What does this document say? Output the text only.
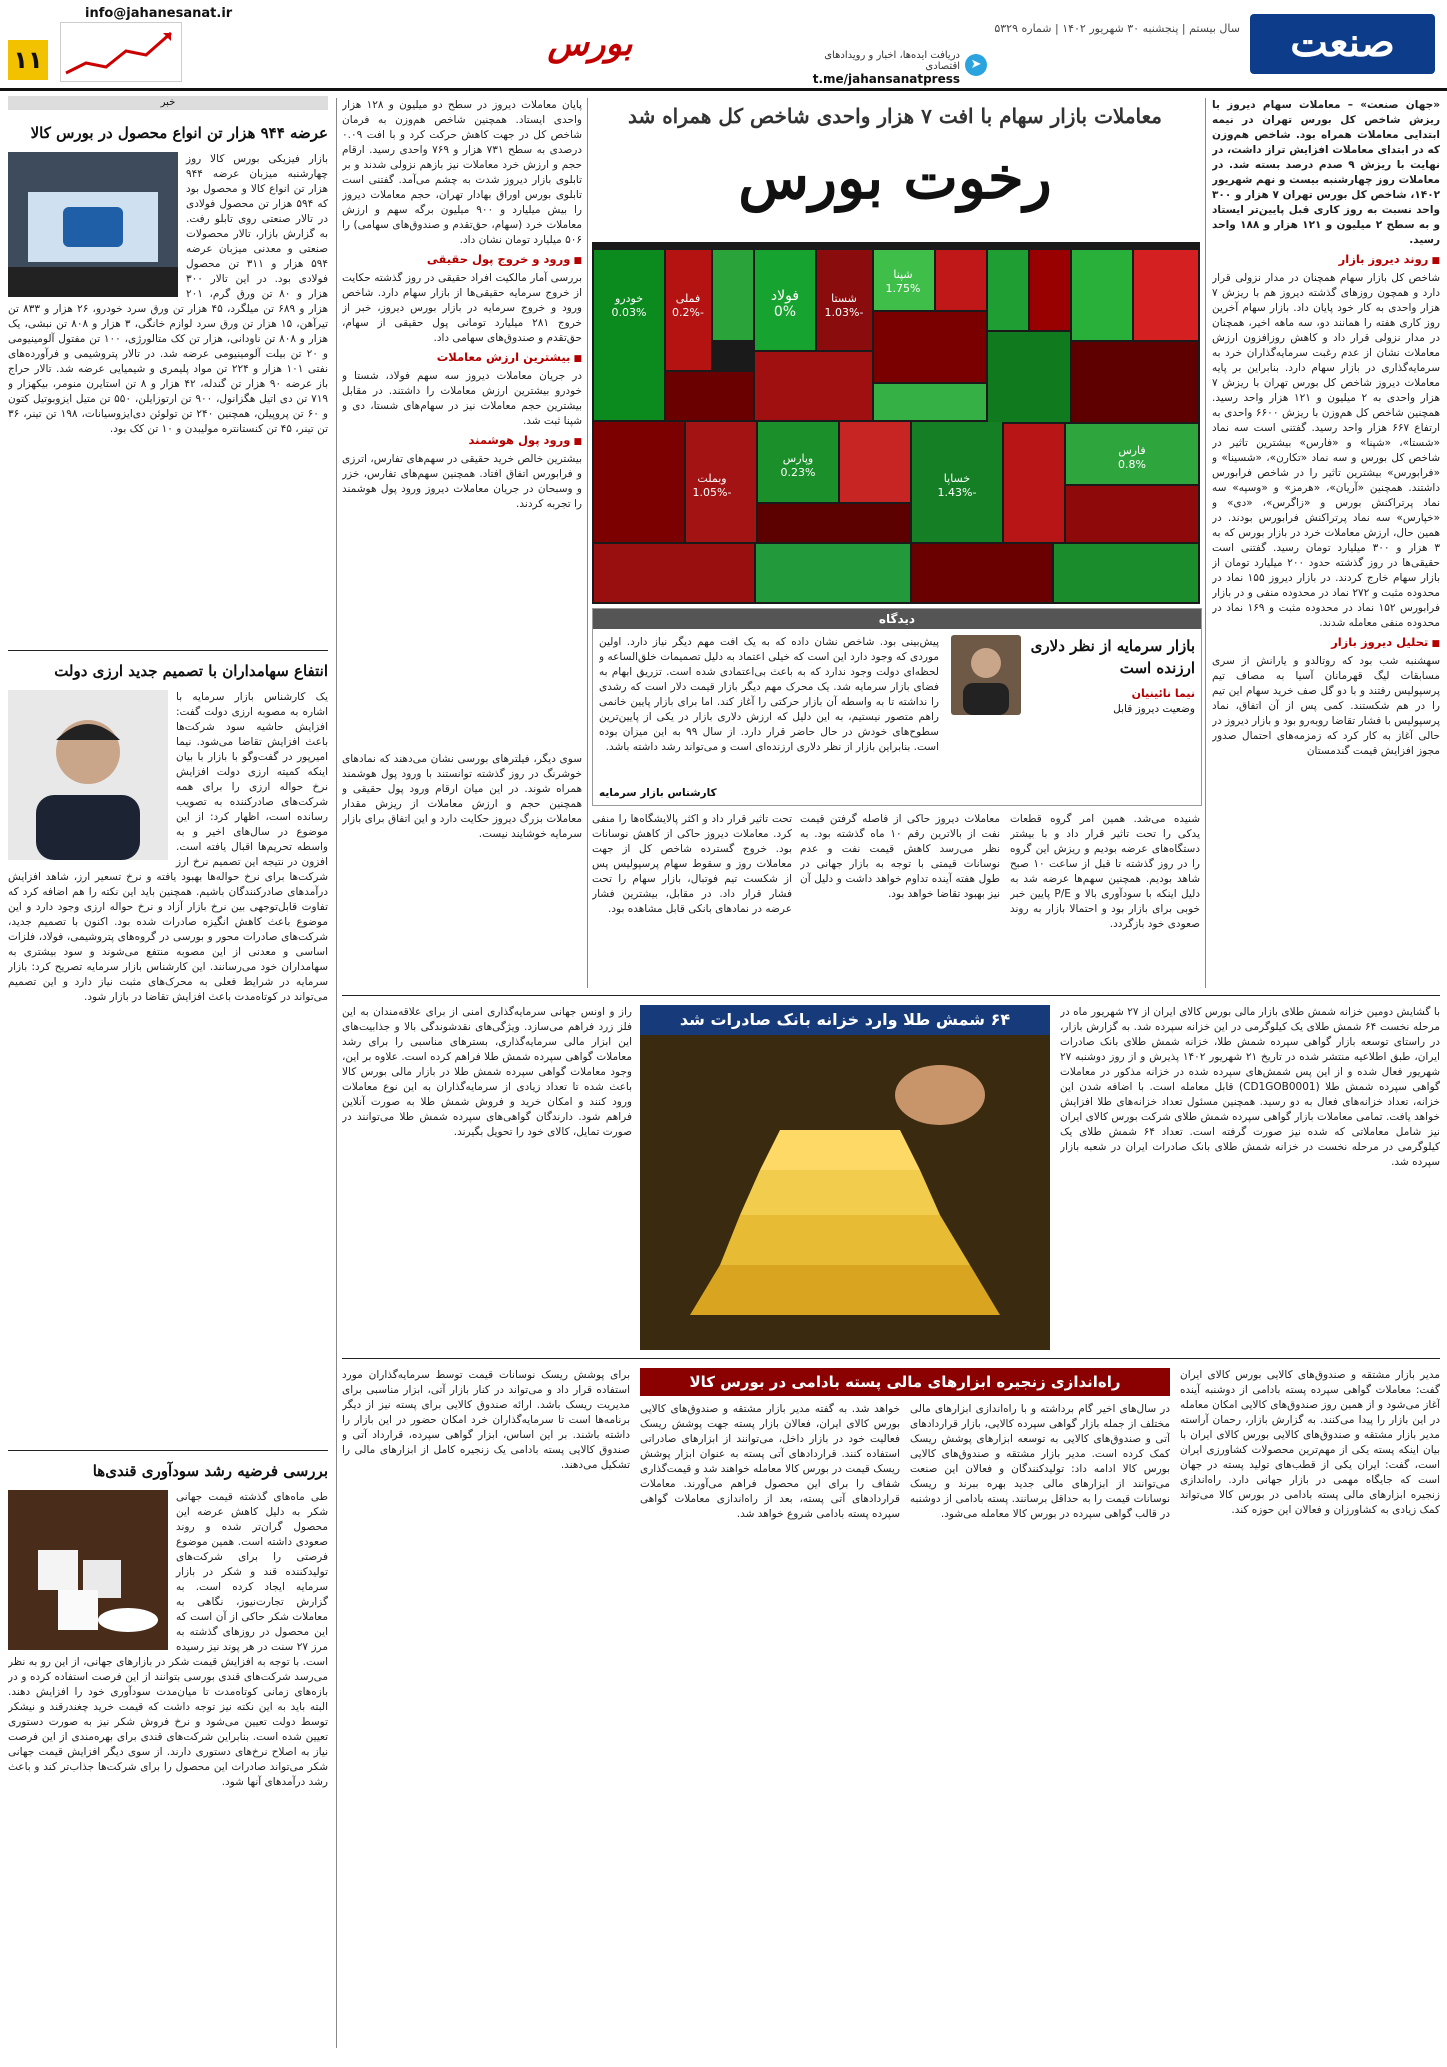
صنعت
سال بیستم | پنجشنبه ۳۰ شهریور ۱۴۰۲ | شماره ۵۳۲۹
بورس
➤
دریافت ایده‌ها، اخبار و رویدادهای اقتصادی
t.me/jahansanatpress
info@jahanesanat.ir
۱۱
«جهان صنعت» – معاملات سهام دیروز با ریزش شاخص کل بورس تهران در نیمه ابتدایی معاملات همراه بود. شاخص هم‌وزن که در ابتدای معاملات افزایش تراز داشت، در نهایت با ریزش ۹ صدم درصد بسته شد. در معاملات روز چهارشنبه بیست و نهم شهریور ۱۴۰۲، شاخص کل بورس تهران ۷ هزار و ۳۰۰ واحد نسبت به روز کاری قبل پایین‌تر ایستاد و به سطح ۲ میلیون و ۱۲۱ هزار و ۱۸۸ واحد رسید.
■ روند دیروز بازار
شاخص کل بازار سهام همچنان در مدار نزولی قرار دارد و همچون روزهای گذشته دیروز هم با ریزش ۷ هزار واحدی به کار خود پایان داد. بازار سهام آخرین روز کاری هفته را همانند دو، سه ماهه اخیر، همچنان در مدار نزولی قرار داد و کاهش روزافزون ارزش معاملات نشان از عدم رغبت سرمایه‌گذاران خرد به سرمایه‌گذاری در بازار سهام دارد. بنابراین بر پایه معاملات دیروز شاخص کل بورس تهران با ریزش ۷ هزار واحدی به ۲ میلیون و ۱۲۱ هزار واحد رسید. همچنین شاخص کل هم‌وزن با ریزش ۶۶۰۰ واحدی به ارتفاع ۶۶۷ هزار واحد رسید. گفتنی است سه نماد «شستا»، «شپنا» و «فارس» بیشترین تاثیر در شاخص کل بورس و سه نماد «تکارن»، «شسینا» و «فرابورس» بیشترین تاثیر را در شاخص فرابورس داشتند. همچنین «آریان»، «هرمز» و «وسپه» سه نماد پرتراکنش بورس و «زاگرس»، «دی» و «خپارس» سه نماد پرتراکنش فرابورس بودند. در همین حال، ارزش معاملات خرد در بازار بورس که به ۳ هزار و ۳۰۰ میلیارد تومان رسید. گفتنی است حقیقی‌ها در روز گذشته حدود ۲۰۰ میلیارد تومان از بازار سهام خارج کردند. در بازار دیروز ۱۵۵ نماد در محدوده مثبت و ۲۷۲ نماد در محدوده منفی و در بازار فرابورس ۱۵۲ نماد در محدوده مثبت و ۱۶۹ نماد در محدوده منفی معامله شدند.
■ تحلیل دیروز بازار
سهشنبه شب بود که روتالدو و یارانش از سری مسابقات لیگ قهرمانان آسیا به مصاف تیم پرسپولیس رفتند و با دو گل صف خرید سهام این تیم را در هم شکستند. کمی پس از آن اتفاق، نماد پرسپولیس با فشار تقاضا روبه‌رو بود و بازار دیروز در حالی آغاز به کار کرد که زمزمه‌های احتمال صدور مجوز افزایش قیمت گندمستان
معاملات بازار سهام با افت ۷ هزار واحدی شاخص کل همراه شد
رخوت بورس
خودرو
0.03%
فملی
-0.2%
فولاد
0%
شستا
-1.03%
وبملت
-1.05%
شپنا
1.75%
وپارس
0.23%	خساپا
-1.43%
فارس
0.8%
پایان معاملات دیروز در سطح دو میلیون و ۱۲۸ هزار واحدی ایستاد. همچنین شاخص هم‌وزن به فرمان شاخص کل در جهت کاهش حرکت کرد و با افت ۰.۰۹ درصدی به سطح ۷۳۱ هزار و ۷۶۹ واحدی رسید. ارقام حجم و ارزش خرد معاملات نیز بازهم نزولی شدند و بر تابلوی بازار دیروز شدت به چشم می‌آمد. گفتنی است تابلوی بورس اوراق بهادار تهران، حجم معاملات دیروز را بیش میلیارد و ۹۰۰ میلیون برگه سهم و ارزش معاملات خرد (سهام، حق‌تقدم و صندوق‌های سهامی) را ۵۰۶ میلیارد تومان نشان داد.
■ ورود و خروج پول حقیقی
بررسی آمار مالکیت افراد حقیقی در روز گذشته حکایت از خروج سرمایه حقیقی‌ها از بازار سهام دارد. شاخص ورود و خروج سرمایه در بازار بورس دیروز، خبر از خروج ۲۸۱ میلیارد تومانی پول حقیقی از سهام، حق‌تقدم و صندوق‌های سهامی داد.
■ بیشترین ارزش معاملات
در جریان معاملات دیروز سه سهم فولاد، شستا و خودرو بیشترین ارزش معاملات را داشتند. در مقابل بیشترین حجم معاملات نیز در سهام‌های شستا، دی و شپنا ثبت شد.
■ ورود پول هوشمند
بیشترین خالص خرید حقیقی در سهم‌های تفارس، اترزی و فرابورس اتفاق افتاد. همچنین سهم‌های تفارس، خزر و وسبحان در جریان معاملات دیروز ورود پول هوشمند را تجربه کردند.
دیدگاه
بازار سرمایه از نظر دلاری ارزنده است
نیما نائینیان
وضعیت دیروز قابل
پیش‌بینی بود. شاخص نشان داده که به یک افت مهم دیگر نیاز دارد. اولین موردی که وجود دارد این است که خیلی اعتماد به دلیل تصمیمات خلق‌الساعه و لحظه‌ای دولت وجود ندارد که به باعث بی‌اعتمادی شده است. تزریق ابهام به فضای بازار سرمایه شد. یک محرک مهم دیگر بازار قیمت دلار است که رشدی را نداشته تا به واسطه آن بازار حرکتی را آغاز کند. اما برای بازار پایین خانمی راهم متصور نیستیم، به این دلیل که ارزش دلاری بازار در یکی از پایین‌ترین سطوح‌های خودش در حال حاضر قرار دارد. از سال ۹۹ به این میزان بوده است. بنابراین بازار از نظر دلاری ارزنده‌ای است و می‌تواند رشد داشته باشد.
کارشناس بازار سرمایه
شنیده می‌شد. همین امر گروه قطعات یدکی را تحت تاثیر قرار داد و با بیشتر دستگاه‌های عرضه بودیم و ریزش این گروه را در روز گذشته تا قبل از ساعت ۱۰ صبح شاهد بودیم. همچنین سهم‌ها عرضه شد به دلیل اینکه با سودآوری بالا و P/E پایین خبر خوبی برای بازار بود و احتمالا بازار به روند صعودی خود بازگردد.
معاملات دیروز حاکی از فاصله گرفتن قیمت نفت از بالاترین رقم ۱۰ ماه گذشته بود. به نظر می‌رسد کاهش قیمت نفت و عدم نوسانات قیمتی با توجه به بازار جهانی در طول هفته آینده تداوم خواهد داشت و دلیل آن نیز بهبود تقاضا خواهد بود.
تحت تاثیر قرار داد و اکثر پالایشگاه‌ها را منفی کرد. معاملات دیروز حاکی از کاهش نوسانات بود. خروج گسترده شاخص کل از جهت معاملات روز و سقوط سهام پرسپولیس پس از شکست تیم فوتبال، بازار سهام را تحت فشار قرار داد. در مقابل، بیشترین فشار عرضه در نمادهای بانکی قابل مشاهده بود.
سوی دیگر، فیلترهای بورسی نشان می‌دهند که نمادهای خوشرنگ در روز گذشته توانستند با ورود پول هوشمند همراه شوند. در این میان ارقام ورود پول حقیقی و همچنین حجم و ارزش معاملات از ریزش مقدار معاملات بزرگ دیروز حکایت دارد و این اتفاق برای بازار سرمایه خوشایند نیست.
با گشایش دومین خزانه شمش طلای بازار مالی بورس کالای ایران از ۲۷ شهریور ماه در مرحله نخست ۶۴ شمش طلای یک کیلوگرمی در این خزانه سپرده شد. به گزارش بازار، در راستای توسعه بازار گواهی سپرده شمش طلا، خزانه شمش طلای بانک صادرات ایران، طبق اطلاعیه منتشر شده در تاریخ ۲۱ شهریور ۱۴۰۲ پذیرش و از روز دوشنبه ۲۷ شهریور فعال شده و از این پس شمش‌های سپرده شده در خزانه مذکور در معاملات گواهی سپرده شمش طلا (CD1GOB0001) قابل معامله است. با اضافه شدن این خزانه، تعداد خزانه‌های فعال به دو رسید. همچنین مسئول تعداد خزانه‌های طلا افزایش خواهد یافت. تمامی معاملات بازار گواهی سپرده شمش طلای شرکت بورس کالای ایران نیز شامل معاملاتی که شده نیز صورت گرفته است. تعداد ۶۴ شمش طلای یک کیلوگرمی در مرحله نخست در خزانه شمش طلای بانک صادرات ایران در شعبه بازار سپرده شد.
۶۴ شمش طلا وارد خزانه بانک صادرات شد
راز و اونس جهانی سرمایه‌گذاری امنی از برای علاقه‌مندان به این فلز زرد فراهم می‌سازد. ویژگی‌های نقدشوندگی بالا و جذابیت‌های این ابزار مالی سرمایه‌گذاری، بسترهای مناسبی را برای رشد معاملات گواهی سپرده شمش طلا فراهم کرده است. علاوه بر این، وجود معاملات گواهی سپرده شمش طلا در بازار مالی بورس کالا باعث شده تا تعداد زیادی از سرمایه‌گذاران به این نوع معاملات ورود کنند و امکان خرید و فروش شمش طلا به صورت آنلاین فراهم شود. دارندگان گواهی‌های سپرده شمش طلا می‌توانند در صورت تمایل، کالای خود را تحویل بگیرند.
مدیر بازار مشتقه و صندوق‌های کالایی بورس کالای ایران گفت: معاملات گواهی سپرده پسته بادامی از دوشنبه آینده آغاز می‌شود و از همین روز صندوق‌های کالایی امکان معامله در این بازار را پیدا می‌کنند. به گزارش بازار، رحمان آراسته مدیر بازار مشتقه و صندوق‌های کالایی بورس کالای ایران با بیان اینکه پسته یکی از مهم‌ترین محصولات کشاورزی ایران است، گفت: ایران یکی از قطب‌های تولید پسته در جهان است که جایگاه مهمی در بازار جهانی دارد. راه‌اندازی زنجیره ابزارهای مالی پسته بادامی در بورس کالا می‌تواند کمک زیادی به کشاورزان و فعالان این حوزه کند.
راه‌اندازی زنجیره ابزارهای مالی پسته بادامی در بورس کالا
در سال‌های اخیر گام برداشته و با راه‌اندازی ابزارهای مالی مختلف از جمله بازار گواهی سپرده کالایی، بازار قراردادهای آتی و صندوق‌های کالایی به توسعه ابزارهای پوشش ریسک کمک کرده است. مدیر بازار مشتقه و صندوق‌های کالایی بورس کالا ادامه داد: تولیدکنندگان و فعالان این صنعت می‌توانند از ابزارهای مالی جدید بهره ببرند و ریسک نوسانات قیمت را به حداقل برسانند. پسته بادامی از دوشنبه در قالب گواهی سپرده در بورس کالا معامله می‌شود.
خواهد شد. به گفته مدیر بازار مشتقه و صندوق‌های کالایی بورس کالای ایران، فعالان بازار پسته جهت پوشش ریسک فعالیت خود در بازار داخل، می‌توانند از ابزارهای صادراتی استفاده کنند. قراردادهای آتی پسته به عنوان ابزار پوشش ریسک قیمت در بورس کالا معامله خواهند شد و قیمت‌گذاری شفاف را برای این محصول فراهم می‌آورند. معاملات قراردادهای آتی پسته، بعد از راه‌اندازی معاملات گواهی سپرده پسته بادامی شروع خواهد شد.
برای پوشش ریسک نوسانات قیمت توسط سرمایه‌گذاران مورد استفاده قرار داد و می‌تواند در کنار بازار آتی، ابزار مناسبی برای مدیریت ریسک باشد. ارائه صندوق کالایی برای پسته نیز از دیگر برنامه‌ها است تا سرمایه‌گذاران خرد امکان حضور در این بازار را داشته باشند. بر این اساس، ابزار گواهی سپرده، قرارداد آتی و صندوق کالایی پسته بادامی یک زنجیره کامل از ابزارهای مالی را تشکیل می‌دهند.
خبر
عرضه ۹۴۴ هزار تن انواع محصول در بورس کالا
بازار فیزیکی بورس کالا روز چهارشنبه میزبان عرضه ۹۴۴ هزار تن انواع کالا و محصول بود که ۵۹۴ هزار تن محصول فولادی در تالار صنعتی روی تابلو رفت. به گزارش بازار، تالار محصولات صنعتی و معدنی میزبان عرضه ۵۹۴ هزار و ۳۱۱ تن محصول فولادی بود. در این تالار ۳۰۰ هزار و ۸۰ تن ورق گرم، ۲۰۱ هزار و ۶۸۹ تن میلگرد، ۴۵ هزار تن ورق سرد خودرو، ۲۶ هزار و ۸۳۳ تن تیرآهن، ۱۵ هزار تن ورق سرد لوازم خانگی، ۳ هزار و ۸۰۸ تن نبشی، یک هزار و ۸۰۸ تن ناودانی، هزار تن کک متالورژی، ۱۰۰ تن مفتول آلومینیومی و ۲۰ تن بیلت آلومینیومی عرضه شد. در تالار پتروشیمی و فرآورده‌های نفتی ۱۰۱ هزار و ۲۲۴ تن مواد پلیمری و شیمیایی عرضه شد. تالار حراج باز عرضه ۹۰ هزار تن گندله، ۴۲ هزار و ۸ تن استایرن منومر، بیکهزار و ۷۱۹ تن دی اتیل هگزانول، ۹۰۰ تن ارتوزایلن، ۵۵۰ تن متیل ایزوبوتیل کتون و ۶۰ تن پروپیلن، همچنین ۲۴۰ تن تولوئن دی‌ایزوسیانات، ۱۹۸ تن تینر، ۳۶ تن تینر، ۴۵ تن کنستانتره مولیبدن و ۱۰ تن کک بود.
انتفاع سهامداران با تصمیم جدید ارزی دولت
یک کارشناس بازار سرمایه با اشاره به مصوبه ارزی دولت گفت: افزایش حاشیه سود شرکت‌ها باعث افزایش تقاضا می‌شود. نیما امیرپور در گفت‌وگو با بازار با بیان اینکه کمیته ارزی دولت افزایش نرخ حواله ارزی را برای همه شرکت‌های صادرکننده به تصویب رسانده است، اظهار کرد: از این موضوع در سال‌های اخیر و به واسطه تحریم‌ها اقبال یافته است. افزون در نتیجه این تصمیم نرخ ارز شرکت‌ها برای نرخ حواله‌ها بهبود یافته و نرخ تسعیر ارز، شاهد افزایش درآمدهای صادرکنندگان باشیم. همچنین باید این نکته را هم اضافه کرد که تفاوت قابل‌توجهی بین نرخ بازار آزاد و نرخ حواله ارزی وجود دارد و این موضوع باعث کاهش انگیزه صادرات شده بود. اکنون با تصمیم جدید، شرکت‌های صادرات محور و بورسی در گروه‌های پتروشیمی، فولاد، فلزات اساسی و معدنی از این مصوبه منتفع می‌شوند و سود بیشتری به سهامداران خود می‌رسانند. این کارشناس بازار سرمایه تصریح کرد: بازار سرمایه در شرایط فعلی به محرک‌های مثبت نیاز دارد و این تصمیم می‌تواند در کوتاه‌مدت باعث افزایش تقاضا در بازار شود.
بررسی فرضیه رشد سودآوری قندی‌ها
طی ماه‌های گذشته قیمت جهانی شکر به دلیل کاهش عرضه این محصول گران‌تر شده و روند صعودی داشته است. همین موضوع فرصتی را برای شرکت‌های تولیدکننده قند و شکر در بازار سرمایه ایجاد کرده است. به گزارش تجارت‌نیوز، نگاهی به معاملات شکر حاکی از آن است که این محصول در روزهای گذشته به مرز ۲۷ سنت در هر پوند نیز رسیده است. با توجه به افزایش قیمت شکر در بازارهای جهانی، از این رو به نظر می‌رسد شرکت‌های قندی بورسی بتوانند از این فرصت استفاده کرده و در بازه‌های زمانی کوتاه‌مدت تا میان‌مدت سودآوری خود را افزایش دهند. البته باید به این نکته نیز توجه داشت که قیمت خرید چغندرقند و نیشکر توسط دولت تعیین می‌شود و نرخ فروش شکر نیز به صورت دستوری تعیین شده است. بنابراین شرکت‌های قندی برای بهره‌مندی از این فرصت نیاز به اصلاح نرخ‌های دستوری دارند. از سوی دیگر افزایش قیمت جهانی شکر می‌تواند صادرات این محصول را برای شرکت‌ها جذاب‌تر کند و باعث رشد درآمدهای آنها شود.
